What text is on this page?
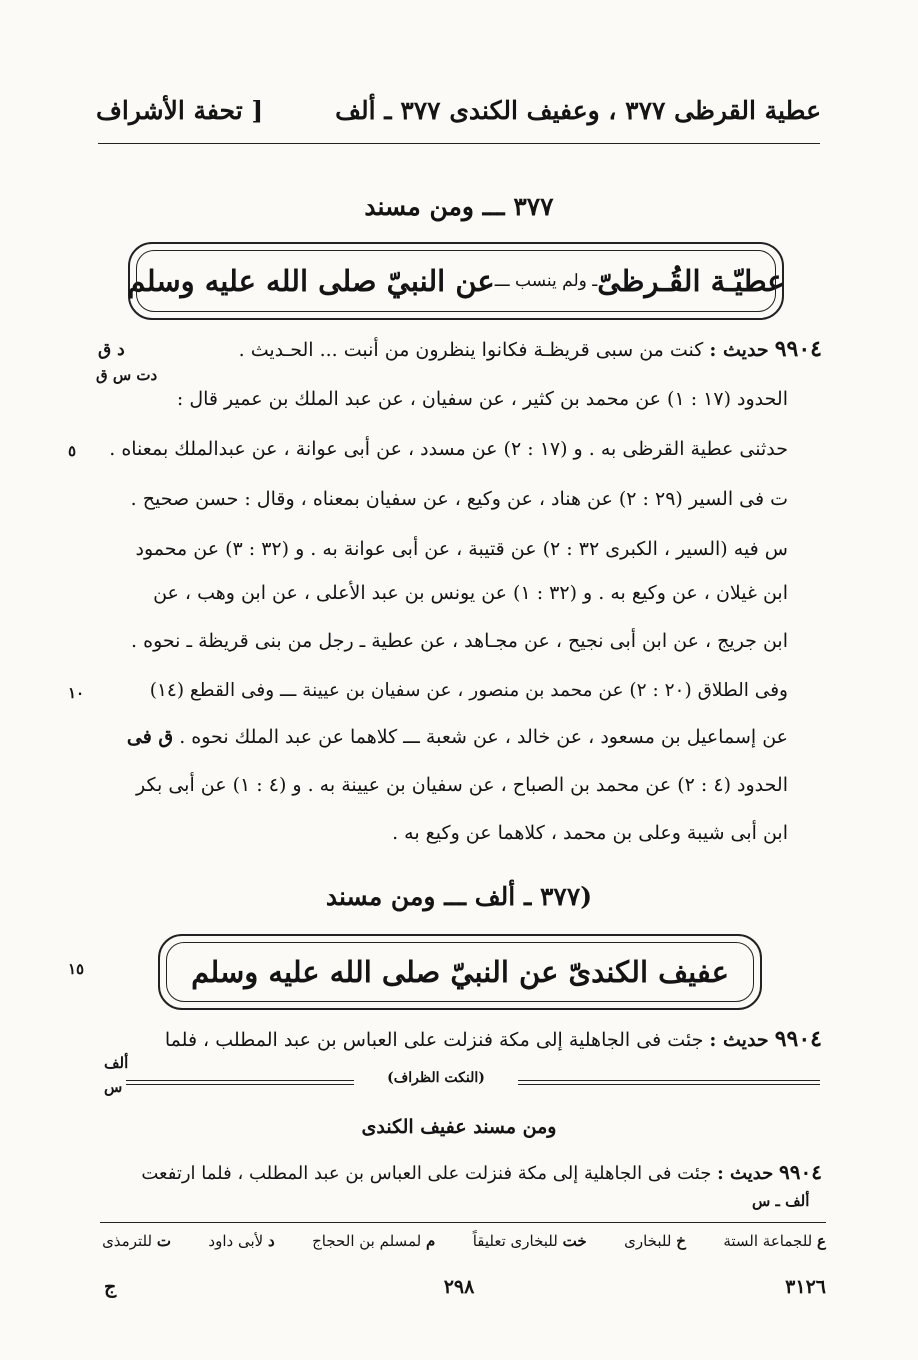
عطية القرظى ٣٧٧ ، وعفيف الكندى ٣٧٧ ـ ألف
[ تحفة الأشراف
٣٧٧ ـــ ومن مسند
عطيّـة القُـرظىّ
ـ ولم ينسب ـــ
عن النبيّ صلى الله عليه وسلم
٩٩٠٤ حديث : كنت من سبى قريظـة فكانوا ينظرون من أنبت ... الحـديث .
د ق
دت س ق
الحدود (١٧ : ١) عن محمد بن كثير ، عن سفيان ، عن عبد الملك بن عمير قال :
حدثنى عطية القرظى به . و (١٧ : ٢) عن مسدد ، عن أبى عوانة ، عن عبدالملك بمعناه .
٥
ت فى السير (٢٩ : ٢) عن هناد ، عن وكيع ، عن سفيان بمعناه ، وقال : حسن صحيح .
س فيه (السير ، الكبرى ٣٢ : ٢) عن قتيبة ، عن أبى عوانة به . و (٣٢ : ٣) عن محمود
ابن غيلان ، عن وكيع به . و (٣٢ : ١) عن يونس بن عبد الأعلى ، عن ابن وهب ، عن
ابن جريج ، عن ابن أبى نجيح ، عن مجـاهد ، عن عطية ـ رجل من بنى قريظة ـ نحوه .
وفى الطلاق (٢٠ : ٢) عن محمد بن منصور ، عن سفيان بن عيينة ـــ وفى القطع (١٤)
١٠
عن إسماعيل بن مسعود ، عن خالد ، عن شعبة ـــ كلاهما عن عبد الملك نحوه . ق فى
الحدود (٤ : ٢) عن محمد بن الصباح ، عن سفيان بن عيينة به . و (٤ : ١) عن أبى بكر
ابن أبى شيبة وعلى بن محمد ، كلاهما عن وكيع به .
(٣٧٧ ـ ألف ـــ ومن مسند
عفيف الكندىّ عن النبيّ صلى الله عليه وسلم
١٥
٩٩٠٤ حديث : جئت فى الجاهلية إلى مكة فنزلت على العباس بن عبد المطلب ، فلما
ألف
س	(النكت الظراف)
ومن مسند عفيف الكندى
٩٩٠٤ حديث : جئت فى الجاهلية إلى مكة فنزلت على العباس بن عبد المطلب ، فلما ارتفعت
ألف ـ س
ع للجماعة الستة
خ للبخارى
خت للبخارى تعليقاً
م لمسلم بن الحجاج
د لأبى داود
ت للترمذى
ج	٢٩٨	٣١٢٦
